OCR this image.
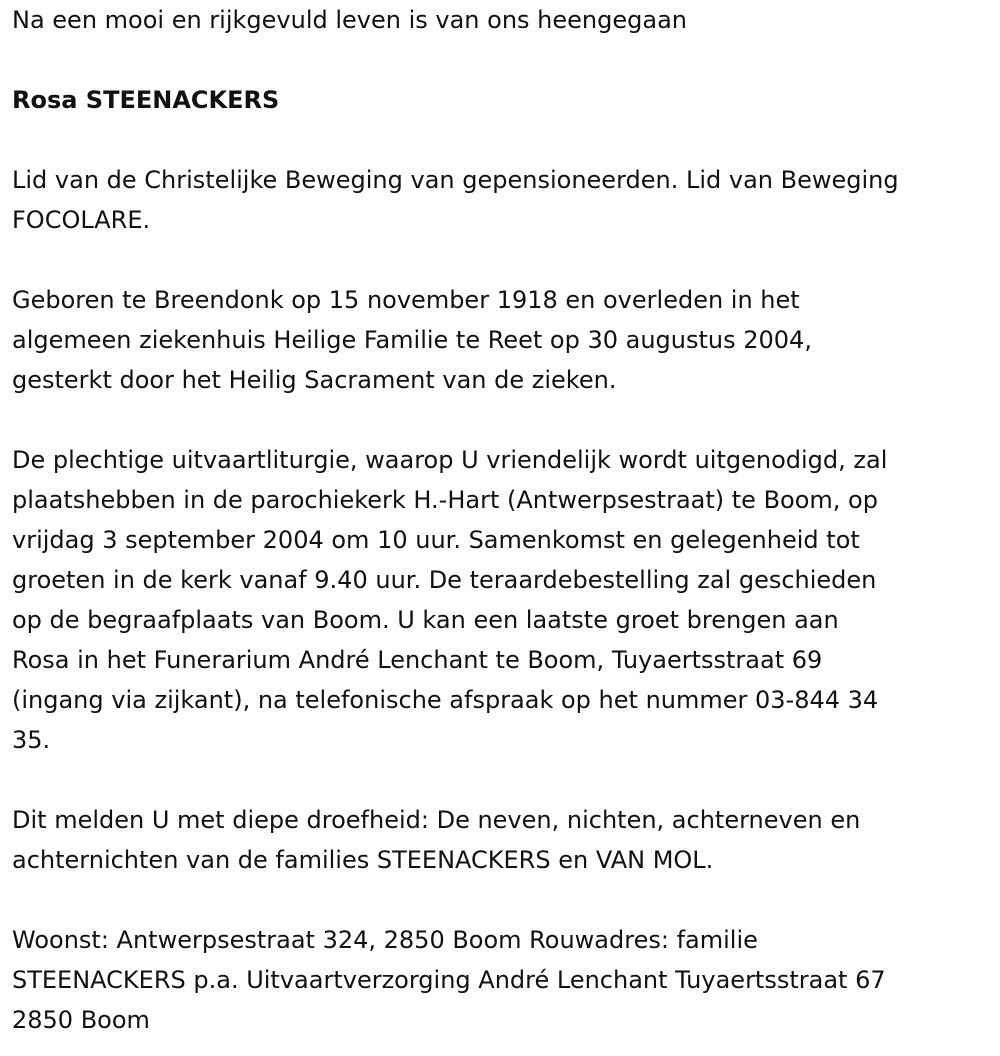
Na een mooi en rijkgevuld leven is van ons heengegaan

Rosa STEENACKERS

Lid van de Christelijke Beweging van gepensioneerden. Lid van Beweging

FOCOLARE.

Geboren te Breendonk op 15 november 1918 en overleden in het

algemeen ziekenhuis Heilige Familie te Reet op 30 augustus 2004,

gesterkt door het Heilig Sacrament van de zieken.

De plechtige uitvaartliturgie, waarop U vriendelijk wordt uitgenodigd, zal

plaatshebben in de parochiekerk H.-Hart (Antwerpsestraat) te Boom, op

vrijdag 3 september 2004 om 10 uur. Samenkomst en gelegenheid tot

groeten in de kerk vanaf 9.40 uur. De teraardebestelling zal geschieden

op de begraafplaats van Boom. U kan een laatste groet brengen aan

Rosa in het Funerarium André Lenchant te Boom, Tuyaertsstraat 69

(ingang via zijkant), na telefonische afspraak op het nummer 03-844 34

35.

Dit melden U met diepe droefheid: De neven, nichten, achterneven en

achternichten van de families STEENACKERS en VAN MOL.

Woonst: Antwerpsestraat 324, 2850 Boom Rouwadres: familie

STEENACKERS p.a. Uitvaartverzorging André Lenchant Tuyaertsstraat 67

2850 Boom
